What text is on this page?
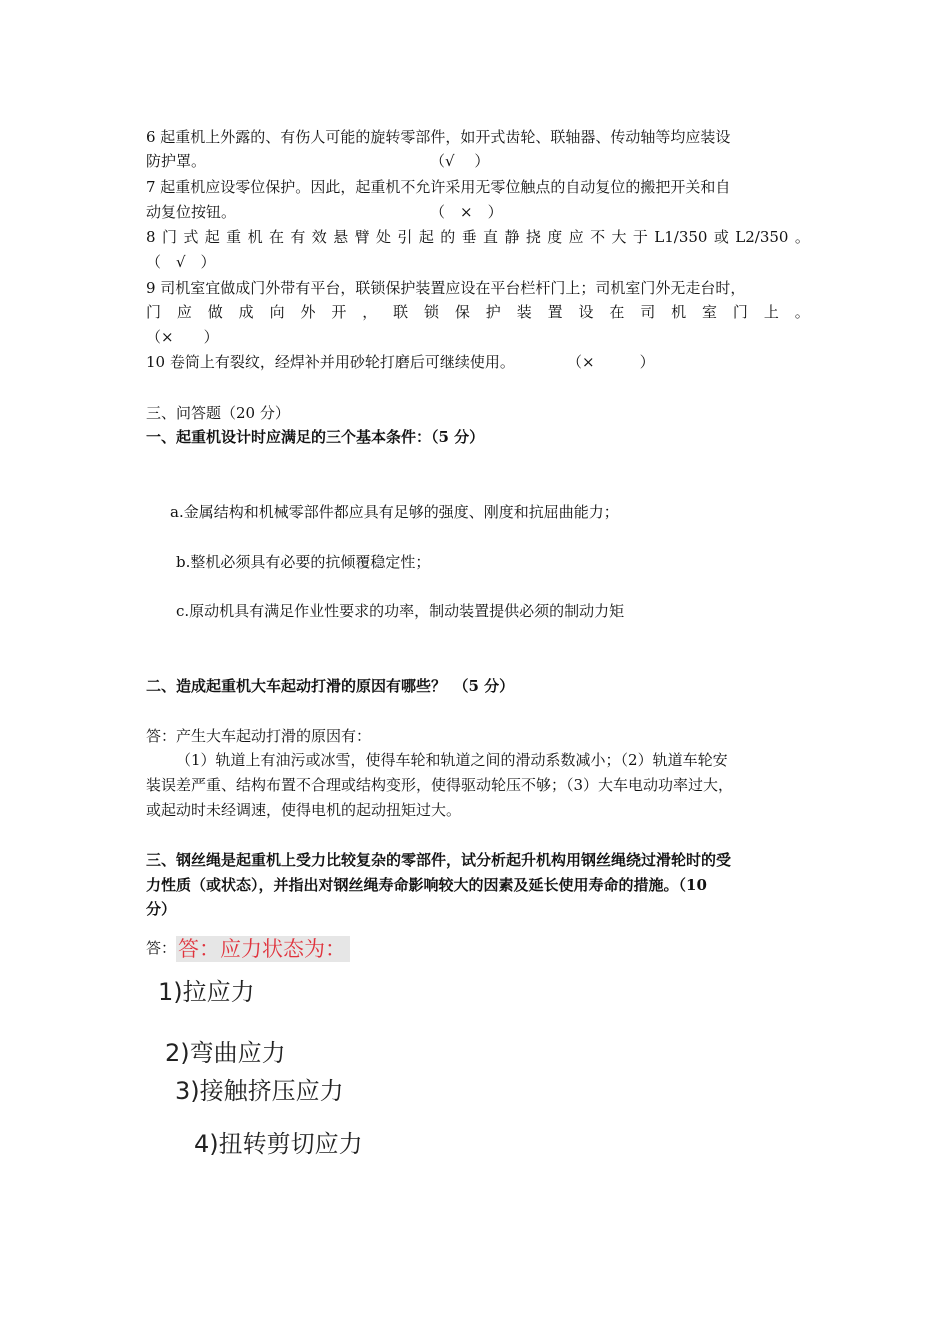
6 起重机上外露的、有伤人可能的旋转零部件，如开式齿轮、联轴器、传动轴等均应装设
防护罩。	（√　 ）
7 起重机应设零位保护。因此，起重机不允许采用无零位触点的自动复位的搬把开关和自
动复位按钮。	（　×　）
8 门 式 起 重 机 在 有 效 悬 臂 处 引 起 的 垂 直 静 挠 度 应 不 大 于 L1/350 或 L2/350 。
（　√　）
9 司机室宜做成门外带有平台，联锁保护装置应设在平台栏杆门上；司机室门外无走台时，
门 应 做 成 向 外 开 ， 联 锁 保 护 装 置 设 在 司 机 室 门 上 。
（×　　）
10 卷筒上有裂纹，经焊补并用砂轮打磨后可继续使用。	（×　　　）
三、问答题（20 分）
一、起重机设计时应满足的三个基本条件：（5 分）
a.金属结构和机械零部件都应具有足够的强度、刚度和抗屈曲能力；
b.整机必须具有必要的抗倾覆稳定性；
c.原动机具有满足作业性要求的功率，制动装置提供必须的制动力矩
二、造成起重机大车起动打滑的原因有哪些？　（5 分）
答：产生大车起动打滑的原因有：
（1）轨道上有油污或冰雪，使得车轮和轨道之间的滑动系数减小；（2）轨道车轮安
装误差严重、结构布置不合理或结构变形，使得驱动轮压不够；（3）大车电动功率过大，
或起动时未经调速，使得电机的起动扭矩过大。
三、钢丝绳是起重机上受力比较复杂的零部件，试分析起升机构用钢丝绳绕过滑轮时的受
力性质（或状态），并指出对钢丝绳寿命影响较大的因素及延长使用寿命的措施。（10
分）
答：答：应力状态为：
1)拉应力
2)弯曲应力
3)接触挤压应力
4)扭转剪切应力
